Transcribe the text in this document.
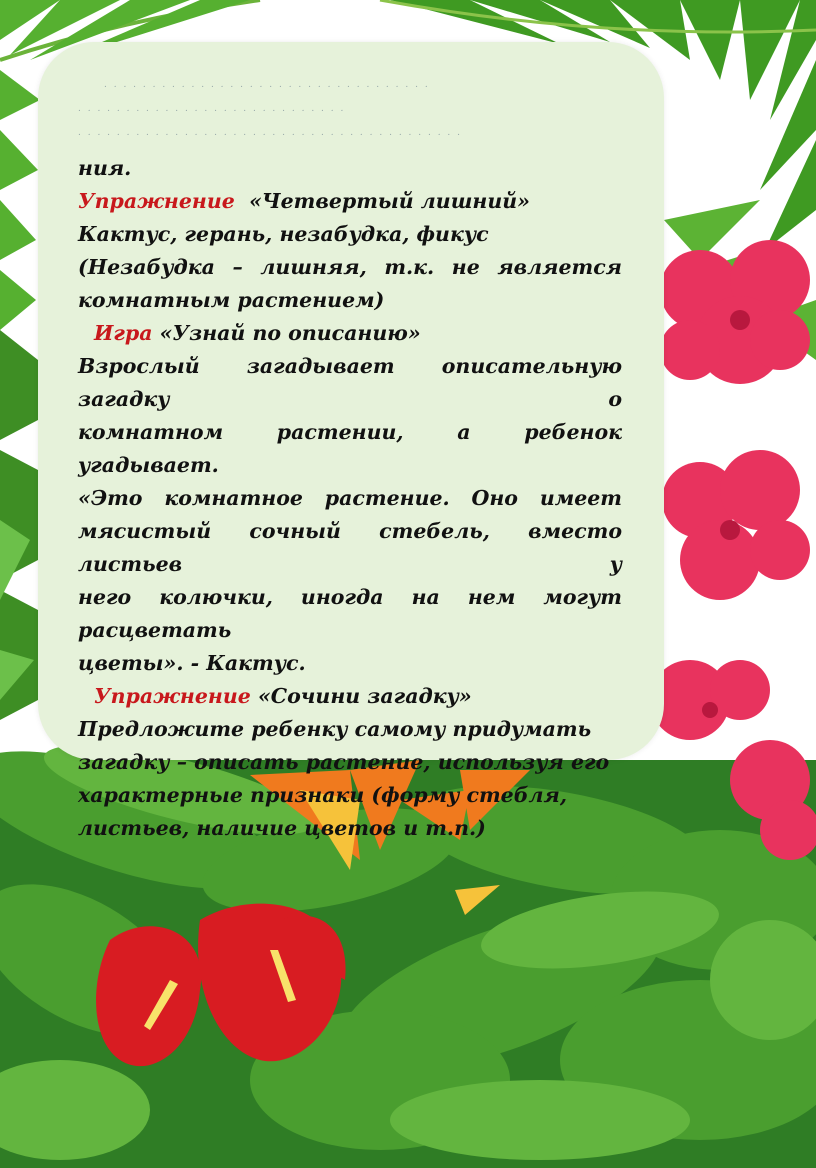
. . . . . . . . . . . . . . . . . . . . . . . . . . . . . . . . . .
. . . . . . . . . . . . . . . . . . . . . . . . . . . .
. . . . . . . . . . . . . . . . . . . . . . . . . . . . . . . . . . . . . . . .
ния.
Упражнение «Четвертый лишний»
Кактус, герань, незабудка, фикус
(Незабудка – лишняя, т.к. не является
комнатным растением)
Игра «Узнай по описанию»
Взрослый загадывает описательную загадку о
комнатном растении, а ребенок угадывает.
«Это комнатное растение. Оно имеет
мясистый сочный стебель, вместо листьев у
него колючки, иногда на нем могут расцветать
цветы». - Кактус.
Упражнение «Сочини загадку»
Предложите ребенку самому придумать
загадку – описать растение, используя его
характерные признаки (форму стебля,
листьев, наличие цветов и т.п.)
